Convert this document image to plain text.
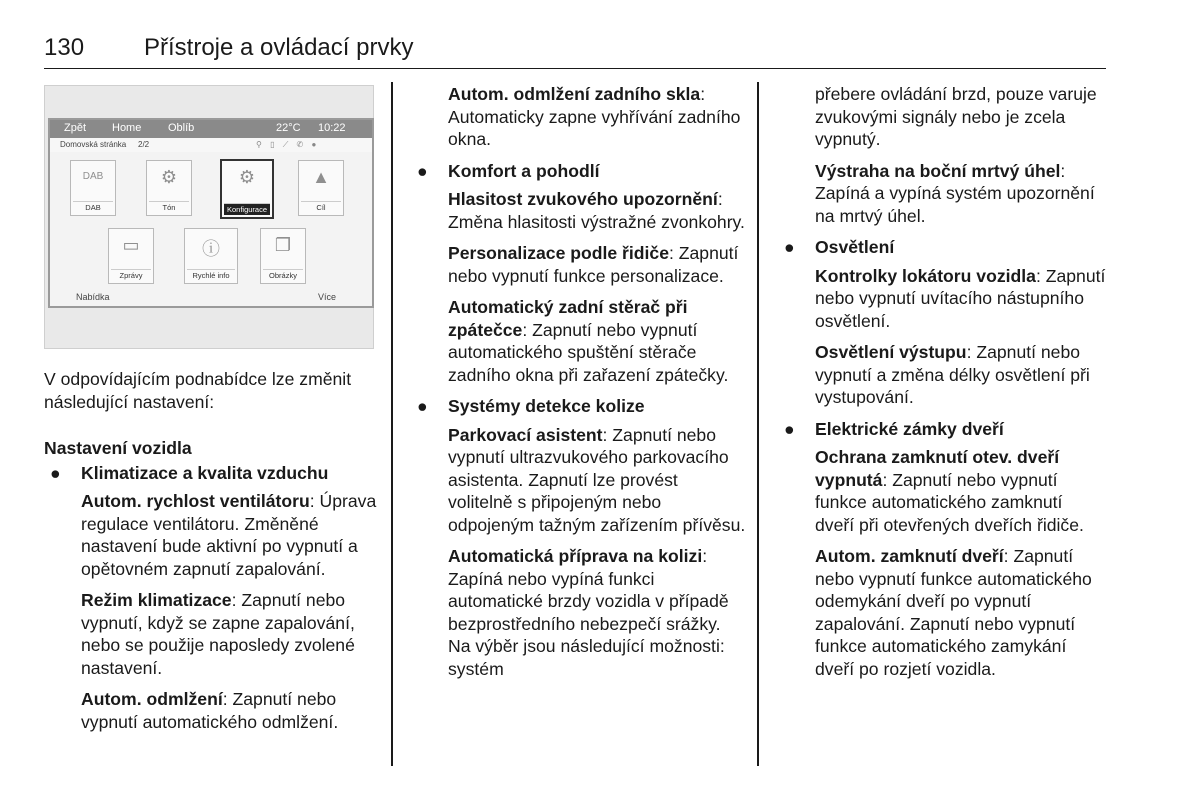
130 Přístroje a ovládací prvky
Zpět Home Oblíb	22°C 10:22
Domovská stránka 2/2	⚲ ▯ ⟋ ✆ ●
DAB
DAB
⚙
Tón
⚙
Konfigurace
▲
Cíl
▭
Zprávy
ⓘ
Rychlé info
❐
Obrázky
Nabídka	Více

V odpovídajícím podnabídce lze změnit následující nastavení:

Nastavení vozidla

● Klimatizace a kvalita vzduchu

Autom. rychlost ventilátoru: Úprava regulace ventilátoru. Změněné nastavení bude aktivní po vypnutí a opětovném zapnutí zapalování.

Režim klimatizace: Zapnutí nebo vypnutí, když se zapne zapalování, nebo se použije naposledy zvolené nastavení.

Autom. odmlžení: Zapnutí nebo vypnutí automatického odmlžení.

Autom. odmlžení zadního skla: Automaticky zapne vyhřívání zadního okna.

● Komfort a pohodlí

Hlasitost zvukového upozornění: Změna hlasitosti výstražné zvonkohry.

Personalizace podle řidiče: Zapnutí nebo vypnutí funkce personalizace.

Automatický zadní stěrač při zpátečce: Zapnutí nebo vypnutí automatického spuštění stěrače zadního okna při zařazení zpátečky.

● Systémy detekce kolize

Parkovací asistent: Zapnutí nebo vypnutí ultrazvukového parkovacího asistenta. Zapnutí lze provést volitelně s připojeným nebo odpojeným tažným zařízením přívěsu.

Automatická příprava na kolizi: Zapíná nebo vypíná funkci automatické brzdy vozidla v případě bezprostředního nebezpečí srážky. Na výběr jsou následující možnosti: systém

přebere ovládání brzd, pouze varuje zvukovými signály nebo je zcela vypnutý.

Výstraha na boční mrtvý úhel: Zapíná a vypíná systém upozornění na mrtvý úhel.

● Osvětlení

Kontrolky lokátoru vozidla: Zapnutí nebo vypnutí uvítacího nástupního osvětlení.

Osvětlení výstupu: Zapnutí nebo vypnutí a změna délky osvětlení při vystupování.

● Elektrické zámky dveří

Ochrana zamknutí otev. dveří vypnutá: Zapnutí nebo vypnutí funkce automatického zamknutí dveří při otevřených dveřích řidiče.

Autom. zamknutí dveří: Zapnutí nebo vypnutí funkce automatického odemykání dveří po vypnutí zapalování. Zapnutí nebo vypnutí funkce automatického zamykání dveří po rozjetí vozidla.
